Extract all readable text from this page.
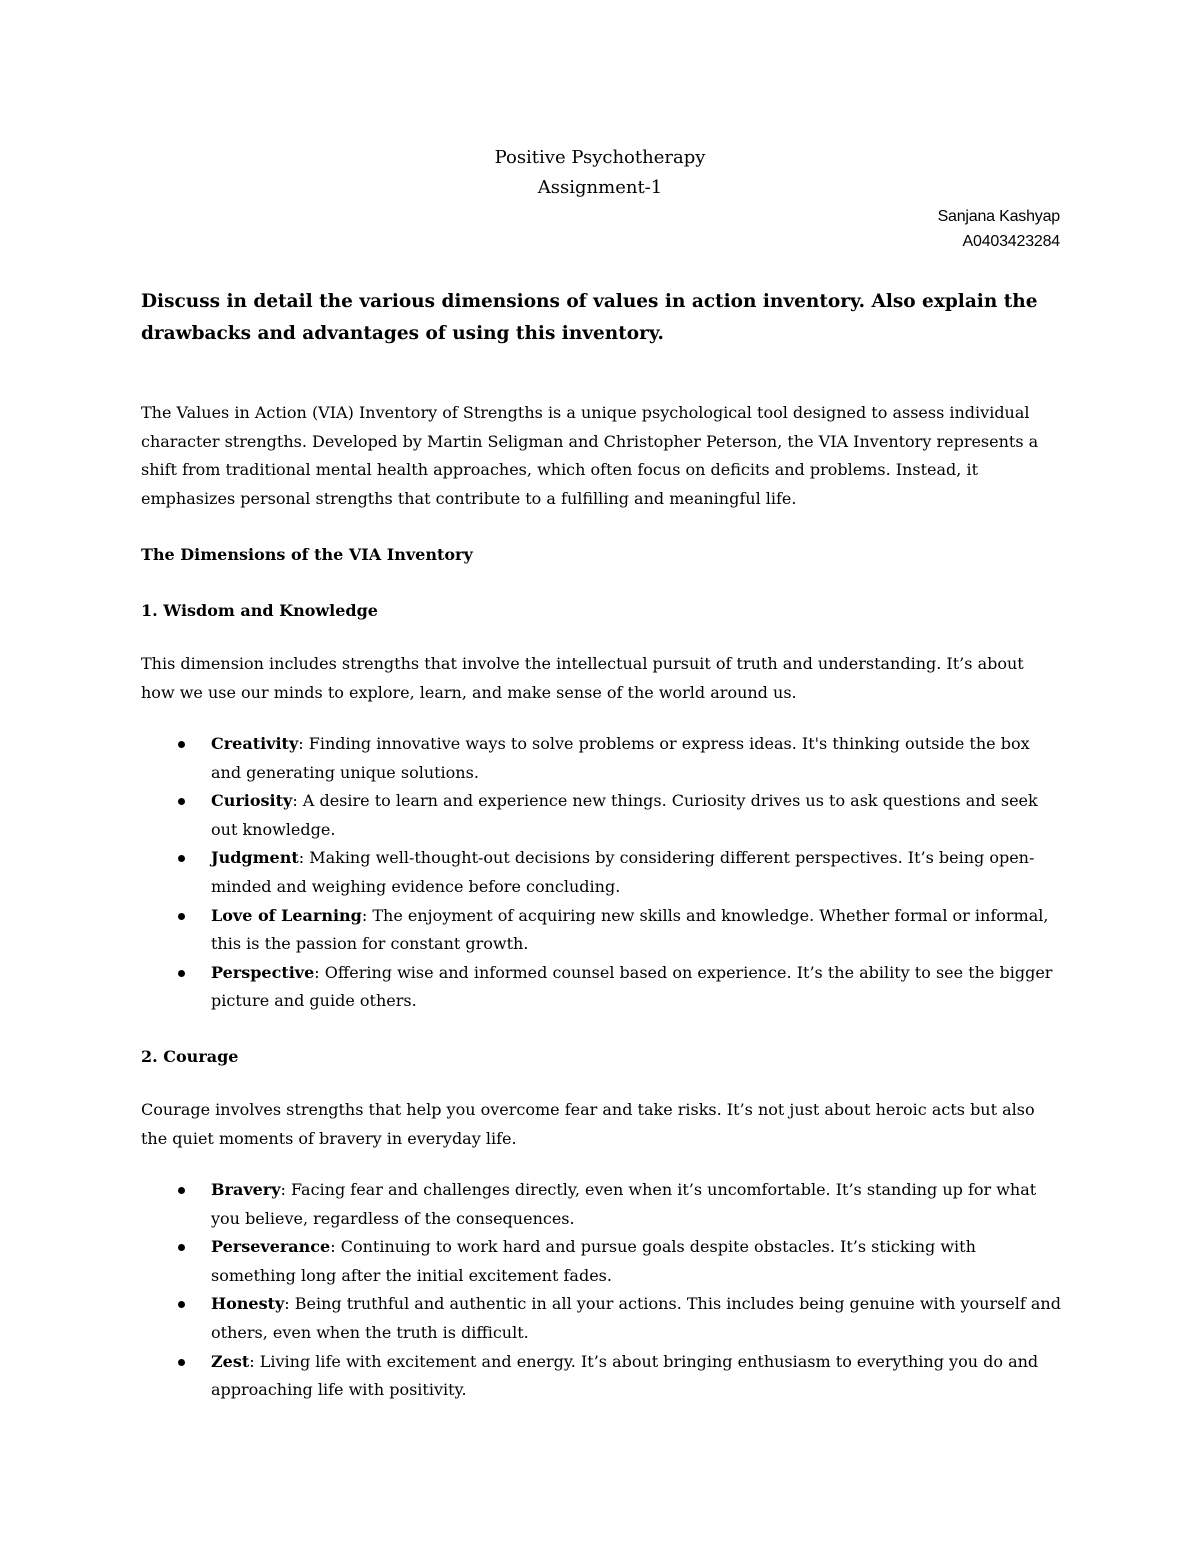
Positive Psychotherapy
Assignment-1
Sanjana Kashyap
A0403423284
Discuss in detail the various dimensions of values in action inventory. Also explain the drawbacks and advantages of using this inventory.
The Values in Action (VIA) Inventory of Strengths is a unique psychological tool designed to assess individual character strengths. Developed by Martin Seligman and Christopher Peterson, the VIA Inventory represents a shift from traditional mental health approaches, which often focus on deficits and problems. Instead, it emphasizes personal strengths that contribute to a fulfilling and meaningful life.
The Dimensions of the VIA Inventory
1. Wisdom and Knowledge
This dimension includes strengths that involve the intellectual pursuit of truth and understanding. It’s about how we use our minds to explore, learn, and make sense of the world around us.
Creativity: Finding innovative ways to solve problems or express ideas. It's thinking outside the box and generating unique solutions.
Curiosity: A desire to learn and experience new things. Curiosity drives us to ask questions and seek out knowledge.
Judgment: Making well-thought-out decisions by considering different perspectives. It’s being open-minded and weighing evidence before concluding.
Love of Learning: The enjoyment of acquiring new skills and knowledge. Whether formal or informal, this is the passion for constant growth.
Perspective: Offering wise and informed counsel based on experience. It’s the ability to see the bigger picture and guide others.
2. Courage
Courage involves strengths that help you overcome fear and take risks. It’s not just about heroic acts but also the quiet moments of bravery in everyday life.
Bravery: Facing fear and challenges directly, even when it’s uncomfortable. It’s standing up for what you believe, regardless of the consequences.
Perseverance: Continuing to work hard and pursue goals despite obstacles. It’s sticking with something long after the initial excitement fades.
Honesty: Being truthful and authentic in all your actions. This includes being genuine with yourself and others, even when the truth is difficult.
Zest: Living life with excitement and energy. It’s about bringing enthusiasm to everything you do and approaching life with positivity.
